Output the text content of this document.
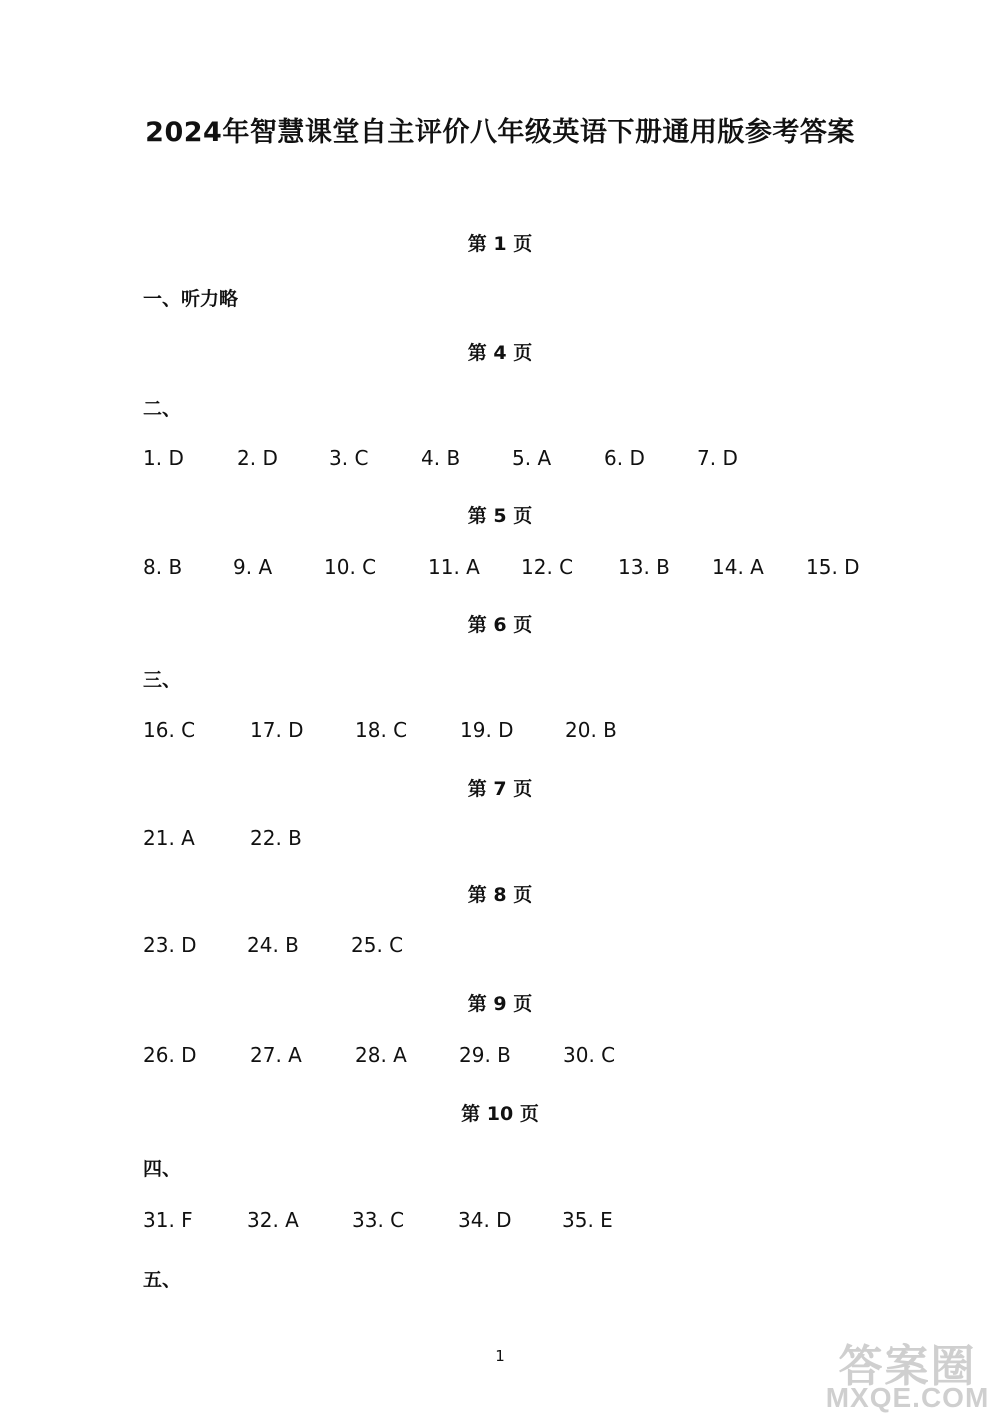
2024年智慧课堂自主评价八年级英语下册通用版参考答案
第 1 页
一、听力略
第 4 页
二、
1. D	2. D	3. C	4. B	5. A	6. D	7. D
第 5 页
8. B	9. A	10. C	11. A 12. C 13. B 14. A 15. D
第 6 页
三、
16. C	17. D	18. C	19. D	20. B
第 7 页
21. A	22. B
第 8 页
23. D	24. B	25. C
第 9 页
26. D	27. A	28. A	29. B	30. C
第 10 页
四、
31. F	32. A	33. C	34. D	35. E
五、
1	答案圈
MXQE.COM
